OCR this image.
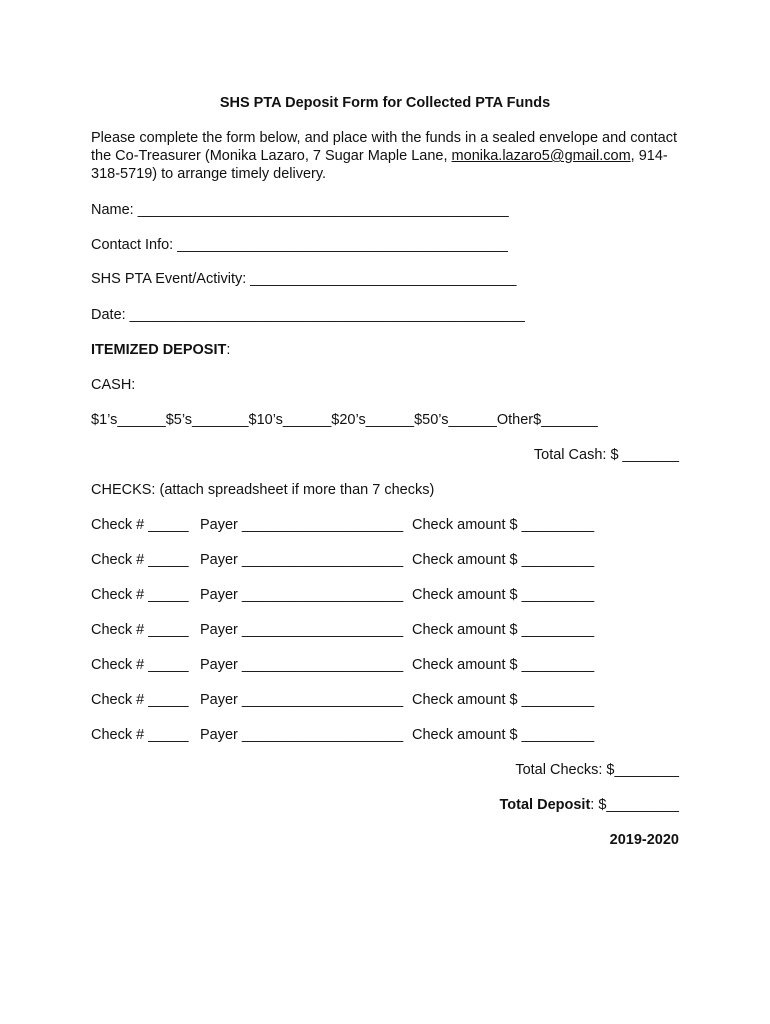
SHS PTA Deposit Form for Collected PTA Funds
Please complete the form below, and place with the funds in a sealed envelope and contact the Co-Treasurer (Monika Lazaro, 7 Sugar Maple Lane, monika.lazaro5@gmail.com, 914-318-5719) to arrange timely delivery.
Name: ______________________________________________
Contact Info: _________________________________________
SHS PTA Event/Activity: _________________________________
Date: _________________________________________________
ITEMIZED DEPOSIT:
CASH:
$1’s______$5’s_______$10’s______$20’s______$50’s______Other$_______
Total Cash: $ _______
CHECKS: (attach spreadsheet if more than 7 checks)
Check # _____ Payer ____________________ Check amount $ _________
Check # _____ Payer ____________________ Check amount $ _________
Check # _____ Payer ____________________ Check amount $ _________
Check # _____ Payer ____________________ Check amount $ _________
Check # _____ Payer ____________________ Check amount $ _________
Check # _____ Payer ____________________ Check amount $ _________
Check # _____ Payer ____________________ Check amount $ _________
Total Checks: $________
Total Deposit: $_________
2019-2020
